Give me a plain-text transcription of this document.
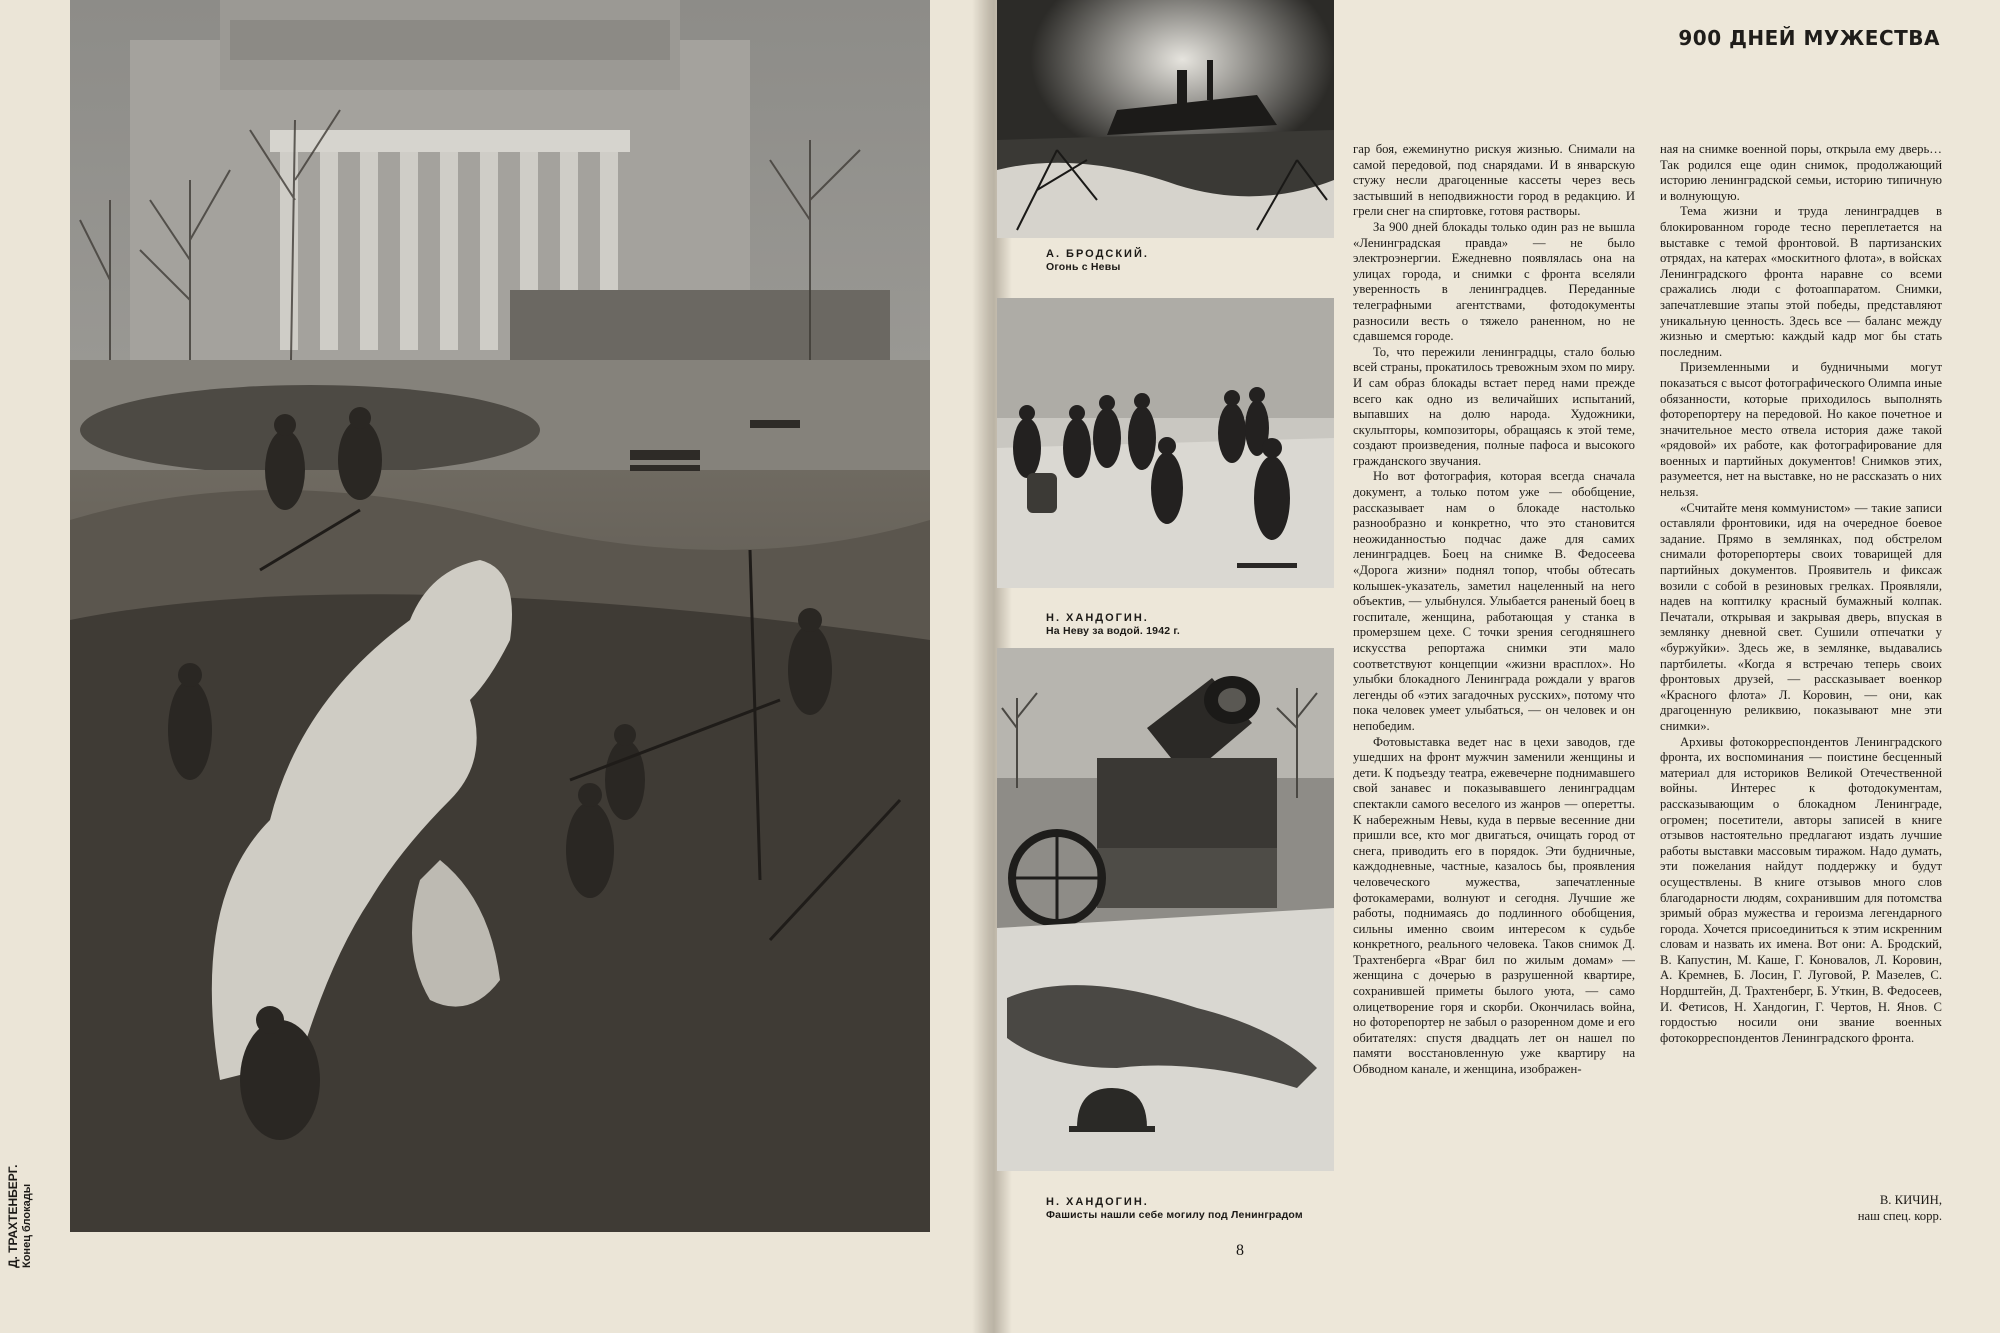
Д. ТРАХТЕНБЕРГ. Конец блокады
А. БРОДСКИЙ.
Огонь с Невы
Н. ХАНДОГИН.
На Неву за водой. 1942 г.
Н. ХАНДОГИН.
Фашисты нашли себе могилу под Ленинградом
900 ДНЕЙ МУЖЕСТВА

гар боя, ежеминутно рискуя жизнью. Снимали на самой передовой, под снарядами. И в январскую стужу несли драгоценные кассеты через весь застывший в неподвижности город в редакцию. И грели снег на спиртовке, готовя растворы.

За 900 дней блокады только один раз не вышла «Ленинградская правда» — не было электроэнергии. Ежедневно появлялась она на улицах города, и снимки с фронта вселяли уверенность в ленинградцев. Переданные телеграфными агентствами, фотодокументы разносили весть о тяжело раненном, но не сдавшемся городе.

То, что пережили ленинградцы, стало болью всей страны, прокатилось тревожным эхом по миру. И сам образ блокады встает перед нами прежде всего как одно из величайших испытаний, выпавших на долю народа. Художники, скульпторы, композиторы, обращаясь к этой теме, создают произведения, полные пафоса и высокого гражданского звучания.

Но вот фотография, которая всегда сначала документ, а только потом уже — обобщение, рассказывает нам о блокаде настолько разнообразно и конкретно, что это становится неожиданностью подчас даже для самих ленинградцев. Боец на снимке В. Федосеева «Дорога жизни» поднял топор, чтобы обтесать колышек-указатель, заметил нацеленный на него объектив, — улыбнулся. Улыбается раненый боец в госпитале, женщина, работающая у станка в промерзшем цехе. С точки зрения сегодняшнего искусства репортажа снимки эти мало соответствуют концепции «жизни врасплох». Но улыбки блокадного Ленинграда рождали у врагов легенды об «этих загадочных русских», потому что пока человек умеет улыбаться, — он человек и он непобедим.

Фотовыставка ведет нас в цехи заводов, где ушедших на фронт мужчин заменили женщины и дети. К подъезду театра, ежевечерне поднимавшего свой занавес и показывавшего ленинградцам спектакли самого веселого из жанров — оперетты. К набережным Невы, куда в первые весенние дни пришли все, кто мог двигаться, очищать город от снега, приводить его в порядок. Эти будничные, каждодневные, частные, казалось бы, проявления человеческого мужества, запечатленные фотокамерами, волнуют и сегодня. Лучшие же работы, поднимаясь до подлинного обобщения, сильны именно своим интересом к судьбе конкретного, реального человека. Таков снимок Д. Трахтенберга «Враг бил по жилым домам» — женщина с дочерью в разрушенной квартире, сохранившей приметы былого уюта, — само олицетворение горя и скорби. Окончилась война, но фоторепортер не забыл о разоренном доме и его обитателях: спустя двадцать лет он нашел по памяти восстановленную уже квартиру на Обводном канале, и женщина, изображен-

ная на снимке военной поры, открыла ему дверь… Так родился еще один снимок, продолжающий историю ленинградской семьи, историю типичную и волнующую.

Тема жизни и труда ленинградцев в блокированном городе тесно переплетается на выставке с темой фронтовой. В партизанских отрядах, на катерах «москитного флота», в войсках Ленинградского фронта наравне со всеми сражались люди с фотоаппаратом. Снимки, запечатлевшие этапы этой победы, представляют уникальную ценность. Здесь все — баланс между жизнью и смертью: каждый кадр мог бы стать последним.

Приземленными и будничными могут показаться с высот фотографического Олимпа иные обязанности, которые приходилось выполнять фоторепортеру на передовой. Но какое почетное и значительное место отвела история даже такой «рядовой» их работе, как фотографирование для военных и партийных документов! Снимков этих, разумеется, нет на выставке, но не рассказать о них нельзя.

«Считайте меня коммунистом» — такие записи оставляли фронтовики, идя на очередное боевое задание. Прямо в землянках, под обстрелом снимали фоторепортеры своих товарищей для партийных документов. Проявитель и фиксаж возили с собой в резиновых грелках. Проявляли, надев на коптилку красный бумажный колпак. Печатали, открывая и закрывая дверь, впуская в землянку дневной свет. Сушили отпечатки у «буржуйки». Здесь же, в землянке, выдавались партбилеты. «Когда я встречаю теперь своих фронтовых друзей, — рассказывает военкор «Красного флота» Л. Коровин, — они, как драгоценную реликвию, показывают мне эти снимки».

Архивы фотокорреспондентов Ленинградского фронта, их воспоминания — поистине бесценный материал для историков Великой Отечественной войны. Интерес к фотодокументам, рассказывающим о блокадном Ленинграде, огромен; посетители, авторы записей в книге отзывов настоятельно предлагают издать лучшие работы выставки массовым тиражом. Надо думать, эти пожелания найдут поддержку и будут осуществлены. В книге отзывов много слов благодарности людям, сохранившим для потомства зримый образ мужества и героизма легендарного города. Хочется присоединиться к этим искренним словам и назвать их имена. Вот они: А. Бродский, В. Капустин, М. Каше, Г. Коновалов, Л. Коровин, А. Кремнев, Б. Лосин, Г. Луговой, Р. Мазелев, С. Нордштейн, Д. Трахтенберг, Б. Уткин, В. Федосеев, И. Фетисов, Н. Хандогин, Г. Чертов, Н. Янов. С гордостью носили они звание военных фотокорреспондентов Ленинградского фронта.

В. КИЧИН,
наш спец. корр.
8
